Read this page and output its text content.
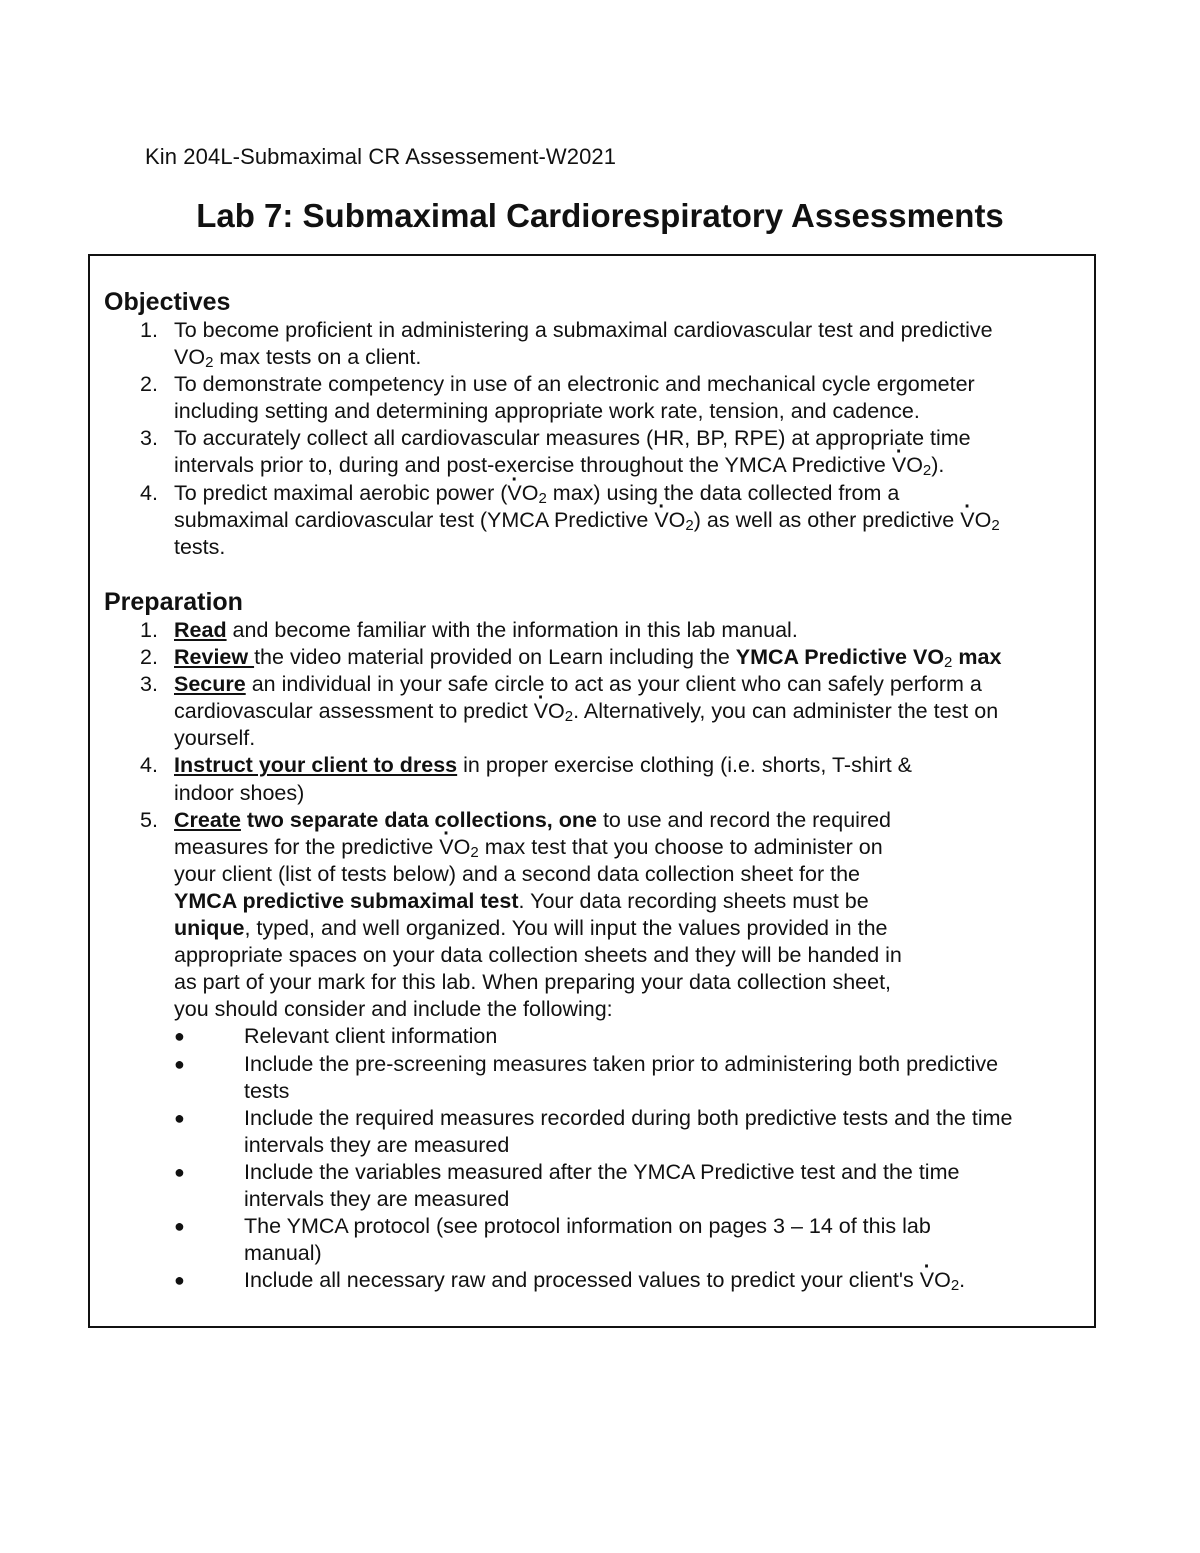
Kin 204L-Submaximal CR Assessement-W2021
Lab 7: Submaximal Cardiorespiratory Assessments
Objectives
1. To become proficient in administering a submaximal cardiovascular test and predictive
$VO_2$ max tests on a client.
2. To demonstrate competency in use of an electronic and mechanical cycle ergometer
including setting and determining appropriate work rate, tension, and cadence.
3. To accurately collect all cardiovascular measures (HR, BP, RPE) at appropriate time
intervals prior to, during and post-exercise throughout the YMCA Predictive · $VO_2$).
4. To predict maximal aerobic power (· $VO_2$ max) using the data collected from a
submaximal cardiovascular test (YMCA Predictive · $VO_2$) as well as other predictive · $VO_2$
tests.
Preparation
1. Read and become familiar with the information in this lab manual.
2. Review the video material provided on Learn including the YMCA Predictive $VO_2$ max
3. Secure an individual in your safe circle to act as your client who can safely perform a
cardiovascular assessment to predict · $VO_2$. Alternatively, you can administer the test on
yourself.
4. Instruct your client to dress in proper exercise clothing (i.e. shorts, T-shirt &
indoor shoes)
5. Create two separate data collections, one to use and record the required
measures for the predictive · $VO_2$ max test that you choose to administer on
your client (list of tests below) and a second data collection sheet for the
YMCA predictive submaximal test. Your data recording sheets must be
unique, typed, and well organized. You will input the values provided in the
appropriate spaces on your data collection sheets and they will be handed in
as part of your mark for this lab. When preparing your data collection sheet,
you should consider and include the following:
●	Relevant client information
●	Include the pre-screening measures taken prior to administering both predictive
tests
●	Include the required measures recorded during both predictive tests and the time
intervals they are measured
●	Include the variables measured after the YMCA Predictive test and the time
intervals they are measured
●	The YMCA protocol (see protocol information on pages 3 – 14 of this lab
manual)
●	Include all necessary raw and processed values to predict your client's · $VO_2$.
